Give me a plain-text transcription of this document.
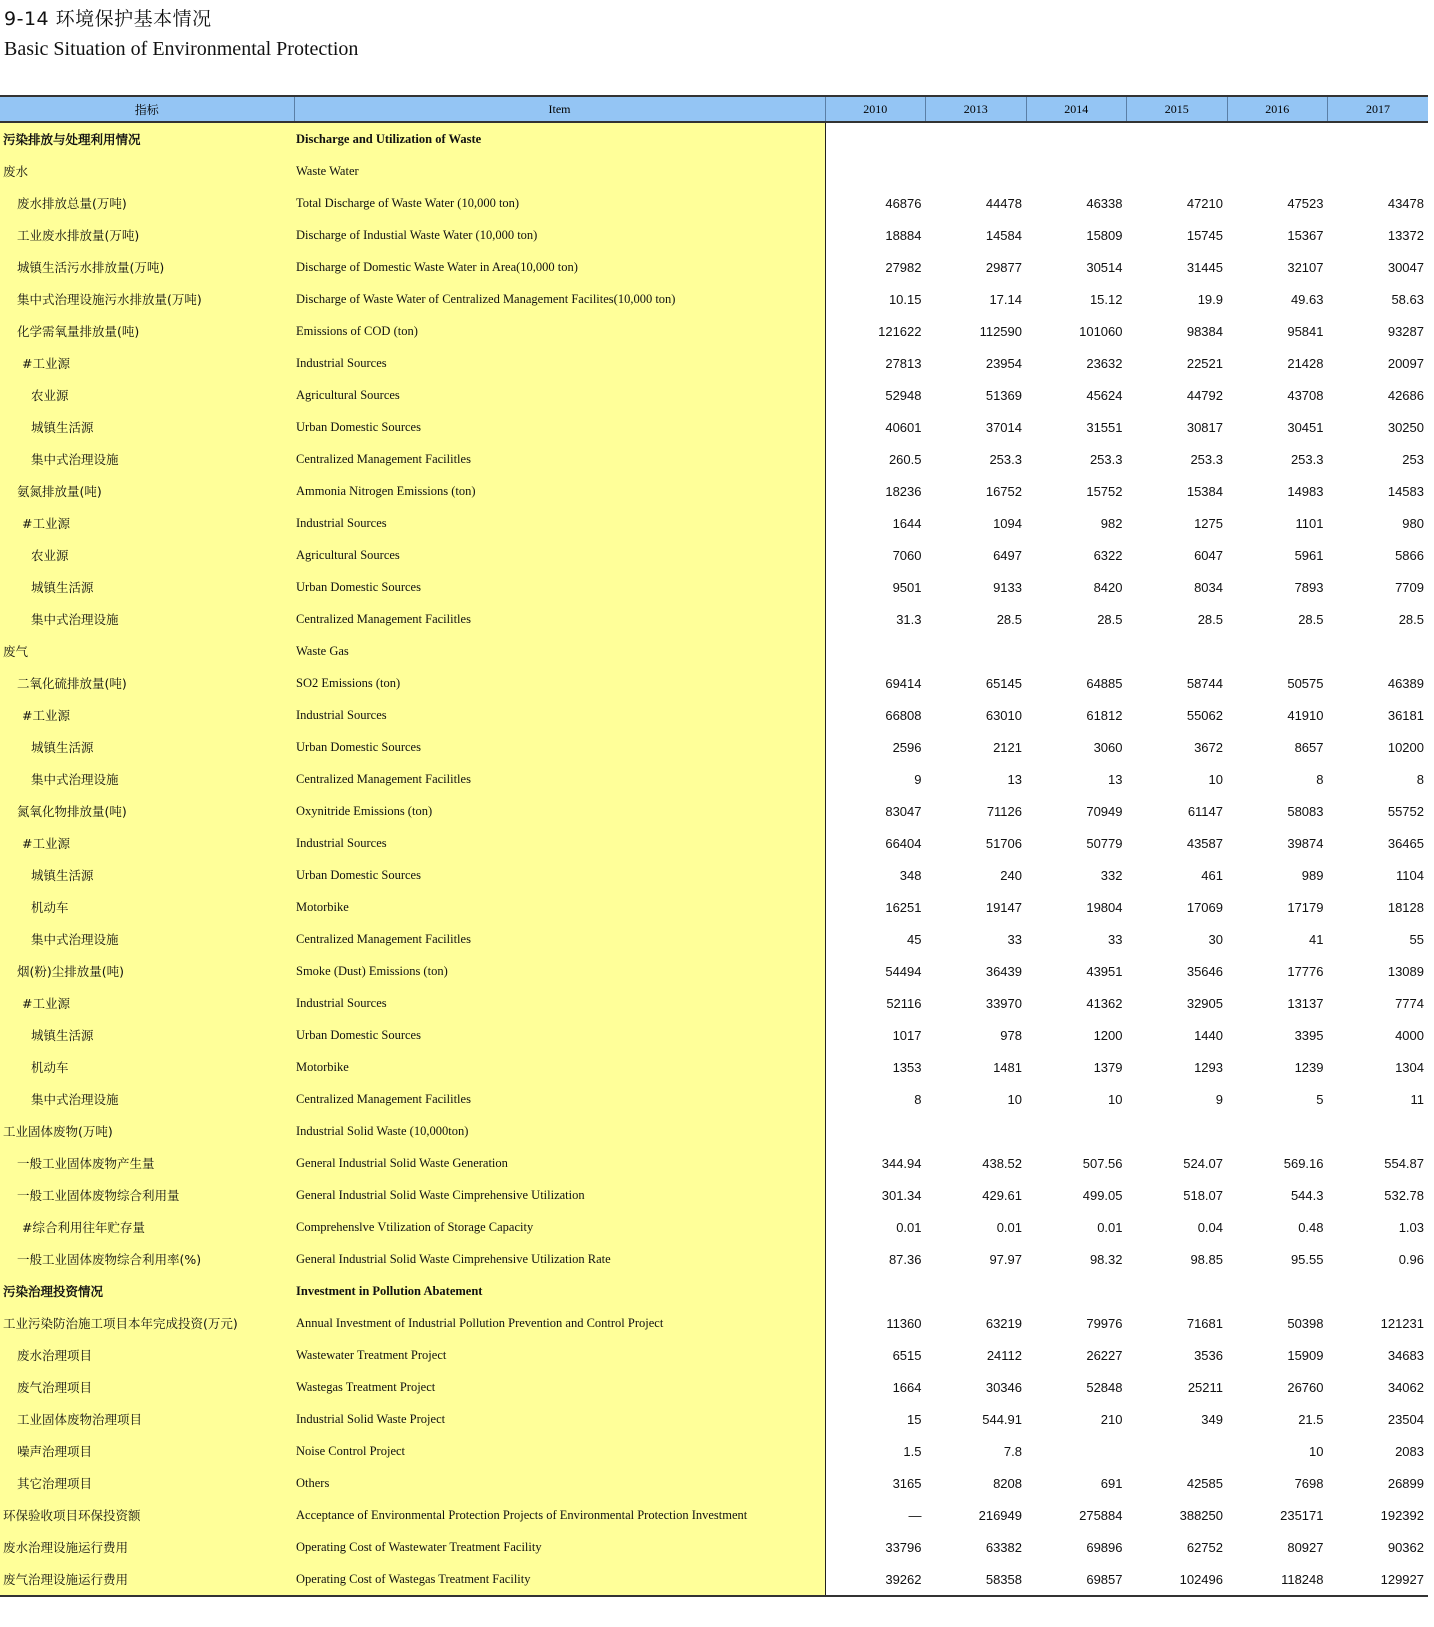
9-14 环境保护基本情况
Basic Situation of Environmental Protection
指标	Item	2010	2013	2014	2015	2016	2017
污染排放与处理利用情况	Discharge and Utilization of Waste						
废水	Waste Water						
废水排放总量(万吨)	Total Discharge of Waste Water (10,000 ton)	46876	44478	46338	47210	47523	43478
工业废水排放量(万吨)	Discharge of Industial Waste Water (10,000 ton)	18884	14584	15809	15745	15367	13372
城镇生活污水排放量(万吨)	Discharge of Domestic Waste Water in Area(10,000 ton)	27982	29877	30514	31445	32107	30047
集中式治理设施污水排放量(万吨)	Discharge of Waste Water of Centralized Management Facilites(10,000 ton)	10.15	17.14	15.12	19.9	49.63	58.63
化学需氧量排放量(吨)	Emissions of COD (ton)	121622	112590	101060	98384	95841	93287
#工业源	Industrial Sources	27813	23954	23632	22521	21428	20097
农业源	Agricultural Sources	52948	51369	45624	44792	43708	42686
城镇生活源	Urban Domestic Sources	40601	37014	31551	30817	30451	30250
集中式治理设施	Centralized Management Facilitles	260.5	253.3	253.3	253.3	253.3	253
氨氮排放量(吨)	Ammonia Nitrogen Emissions (ton)	18236	16752	15752	15384	14983	14583
#工业源	Industrial Sources	1644	1094	982	1275	1101	980
农业源	Agricultural Sources	7060	6497	6322	6047	5961	5866
城镇生活源	Urban Domestic Sources	9501	9133	8420	8034	7893	7709
集中式治理设施	Centralized Management Facilitles	31.3	28.5	28.5	28.5	28.5	28.5
废气	Waste Gas						
二氧化硫排放量(吨)	SO2 Emissions (ton)	69414	65145	64885	58744	50575	46389
#工业源	Industrial Sources	66808	63010	61812	55062	41910	36181
城镇生活源	Urban Domestic Sources	2596	2121	3060	3672	8657	10200
集中式治理设施	Centralized Management Facilitles	9	13	13	10	8	8
氮氧化物排放量(吨)	Oxynitride Emissions (ton)	83047	71126	70949	61147	58083	55752
#工业源	Industrial Sources	66404	51706	50779	43587	39874	36465
城镇生活源	Urban Domestic Sources	348	240	332	461	989	1104
机动车	Motorbike	16251	19147	19804	17069	17179	18128
集中式治理设施	Centralized Management Facilitles	45	33	33	30	41	55
烟(粉)尘排放量(吨)	Smoke (Dust) Emissions (ton)	54494	36439	43951	35646	17776	13089
#工业源	Industrial Sources	52116	33970	41362	32905	13137	7774
城镇生活源	Urban Domestic Sources	1017	978	1200	1440	3395	4000
机动车	Motorbike	1353	1481	1379	1293	1239	1304
集中式治理设施	Centralized Management Facilitles	8	10	10	9	5	11
工业固体废物(万吨)	Industrial Solid Waste (10,000ton)						
一般工业固体废物产生量	General Industrial Solid Waste Generation	344.94	438.52	507.56	524.07	569.16	554.87
一般工业固体废物综合利用量	General Industrial Solid Waste Cimprehensive Utilization	301.34	429.61	499.05	518.07	544.3	532.78
#综合利用往年贮存量	Comprehenslve Vtilization of Storage Capacity	0.01	0.01	0.01	0.04	0.48	1.03
一般工业固体废物综合利用率(%)	General Industrial Solid Waste Cimprehensive Utilization Rate	87.36	97.97	98.32	98.85	95.55	0.96
污染治理投资情况	Investment in Pollution Abatement						
工业污染防治施工项目本年完成投资(万元)	Annual Investment of Industrial Pollution Prevention and Control Project	11360	63219	79976	71681	50398	121231
废水治理项目	Wastewater Treatment Project	6515	24112	26227	3536	15909	34683
废气治理项目	Wastegas Treatment Project	1664	30346	52848	25211	26760	34062
工业固体废物治理项目	Industrial Solid Waste Project	15	544.91	210	349	21.5	23504
噪声治理项目	Noise Control Project	1.5	7.8			10	2083
其它治理项目	Others	3165	8208	691	42585	7698	26899
环保验收项目环保投资额	Acceptance of Environmental Protection Projects of Environmental Protection Investment	—	216949	275884	388250	235171	192392
废水治理设施运行费用	Operating Cost of Wastewater Treatment Facility	33796	63382	69896	62752	80927	90362
废气治理设施运行费用	Operating Cost of Wastegas Treatment Facility	39262	58358	69857	102496	118248	129927
